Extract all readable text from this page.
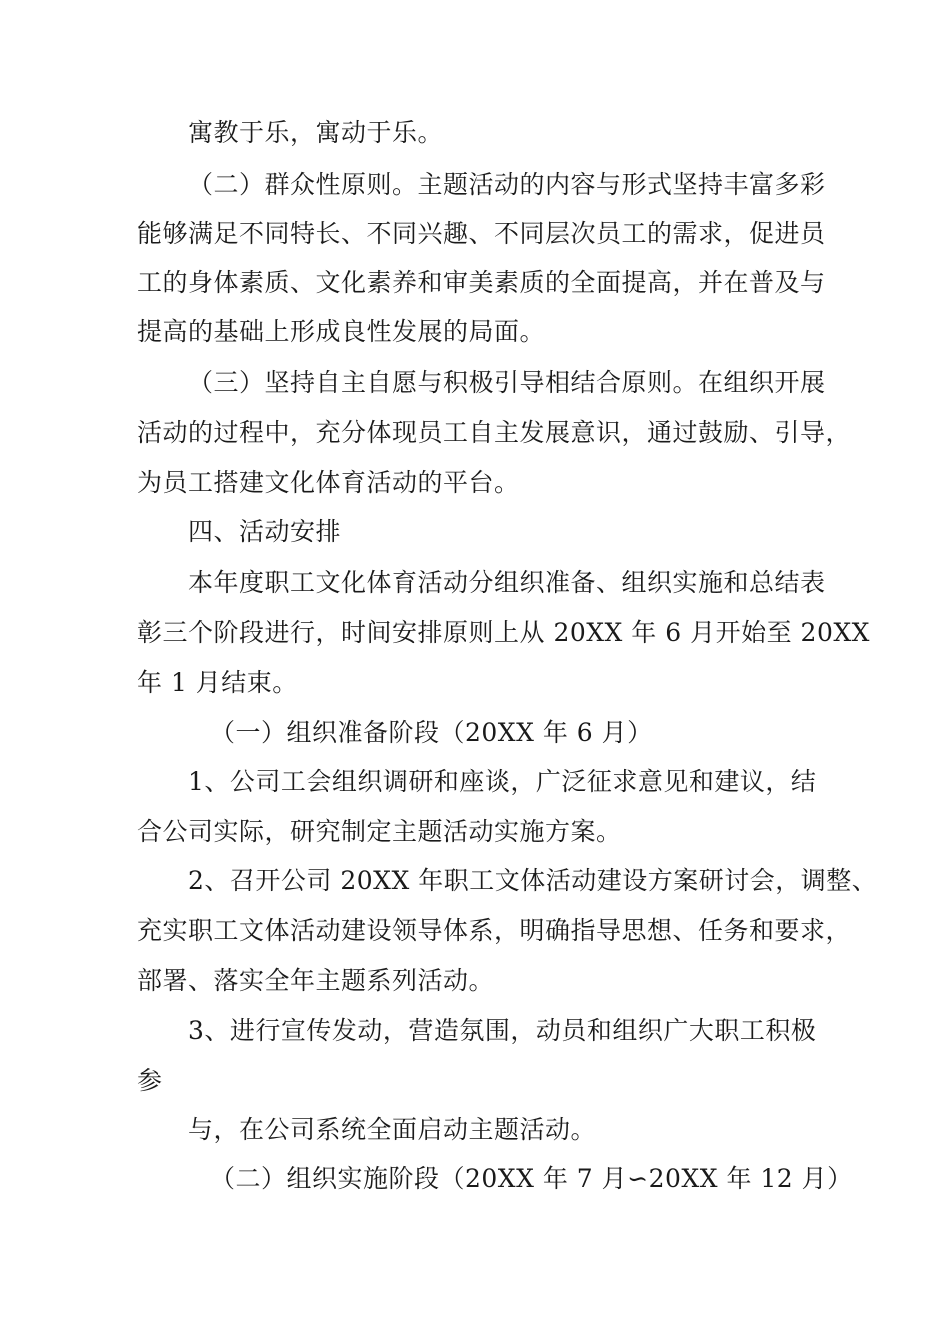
寓教于乐，寓动于乐。
（二）群众性原则。主题活动的内容与形式坚持丰富多彩
能够满足不同特长、不同兴趣、不同层次员工的需求，促进员
工的身体素质、文化素养和审美素质的全面提高，并在普及与
提高的基础上形成良性发展的局面。
（三）坚持自主自愿与积极引导相结合原则。在组织开展
活动的过程中，充分体现员工自主发展意识，通过鼓励、引导，
为员工搭建文化体育活动的平台。
四、活动安排
本年度职工文化体育活动分组织准备、组织实施和总结表
彰三个阶段进行，时间安排原则上从 20XX 年 6 月开始至 20XX
年 1 月结束。
（一）组织准备阶段（20XX 年 6 月）
1、公司工会组织调研和座谈，广泛征求意见和建议，结
合公司实际，研究制定主题活动实施方案。
2、召开公司 20XX 年职工文体活动建设方案研讨会，调整、
充实职工文体活动建设领导体系，明确指导思想、任务和要求，
部署、落实全年主题系列活动。
3、进行宣传发动，营造氛围，动员和组织广大职工积极
参
与，在公司系统全面启动主题活动。
（二）组织实施阶段（20XX 年 7 月∽20XX 年 12 月）
